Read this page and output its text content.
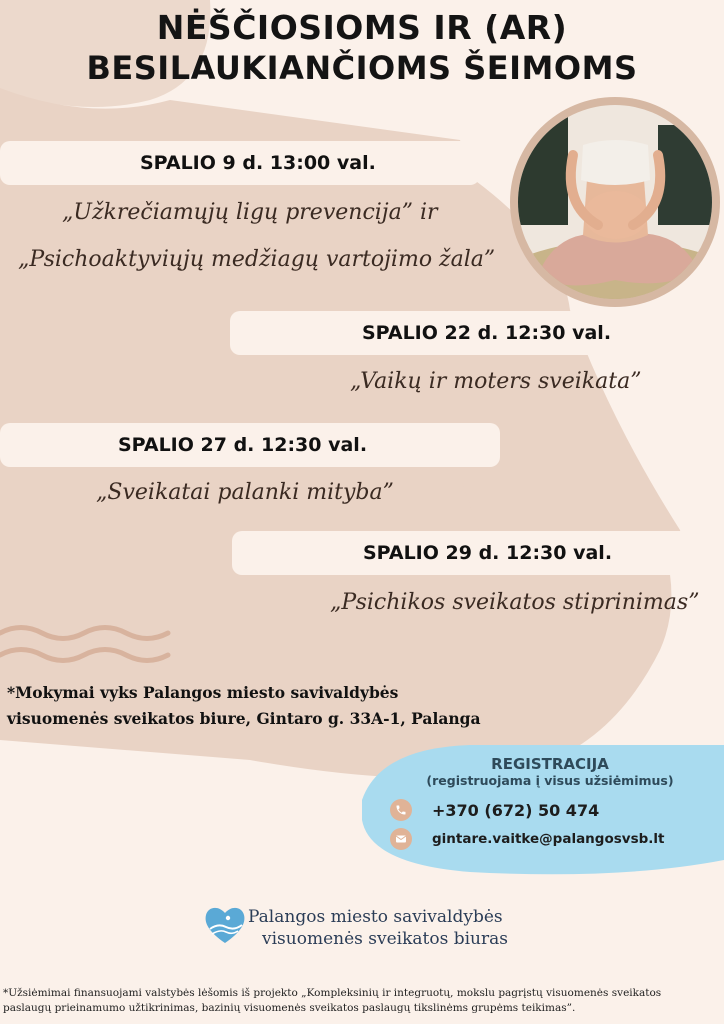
NĖŠČIOSIOMS IR (AR)
BESILAUKIANČIOMS ŠEIMOMS
SPALIO 9 d. 13:00 val.
„Užkrečiamųjų ligų prevencija” ir
„Psichoaktyviųjų medžiagų vartojimo žala”
SPALIO 22 d. 12:30 val.
„Vaikų ir moters sveikata”
SPALIO 27 d. 12:30 val.
„Sveikatai palanki mityba”
SPALIO 29 d. 12:30 val.
„Psichikos sveikatos stiprinimas”
*Mokymai vyks Palangos miesto savivaldybės
visuomenės sveikatos biure, Gintaro g. 33A-1, Palanga
REGISTRACIJA
(registruojama į visus užsiėmimus)
+370 (672) 50 474
gintare.vaitke@palangosvsb.lt
Palangos miesto savivaldybės
visuomenės sveikatos biuras
*Užsiėmimai finansuojami valstybės lėšomis iš projekto „Kompleksinių ir integruotų, mokslu pagrįstų visuomenės sveikatos
paslaugų prieinamumo užtikrinimas, bazinių visuomenės sveikatos paslaugų tikslinėms grupėms teikimas”.
